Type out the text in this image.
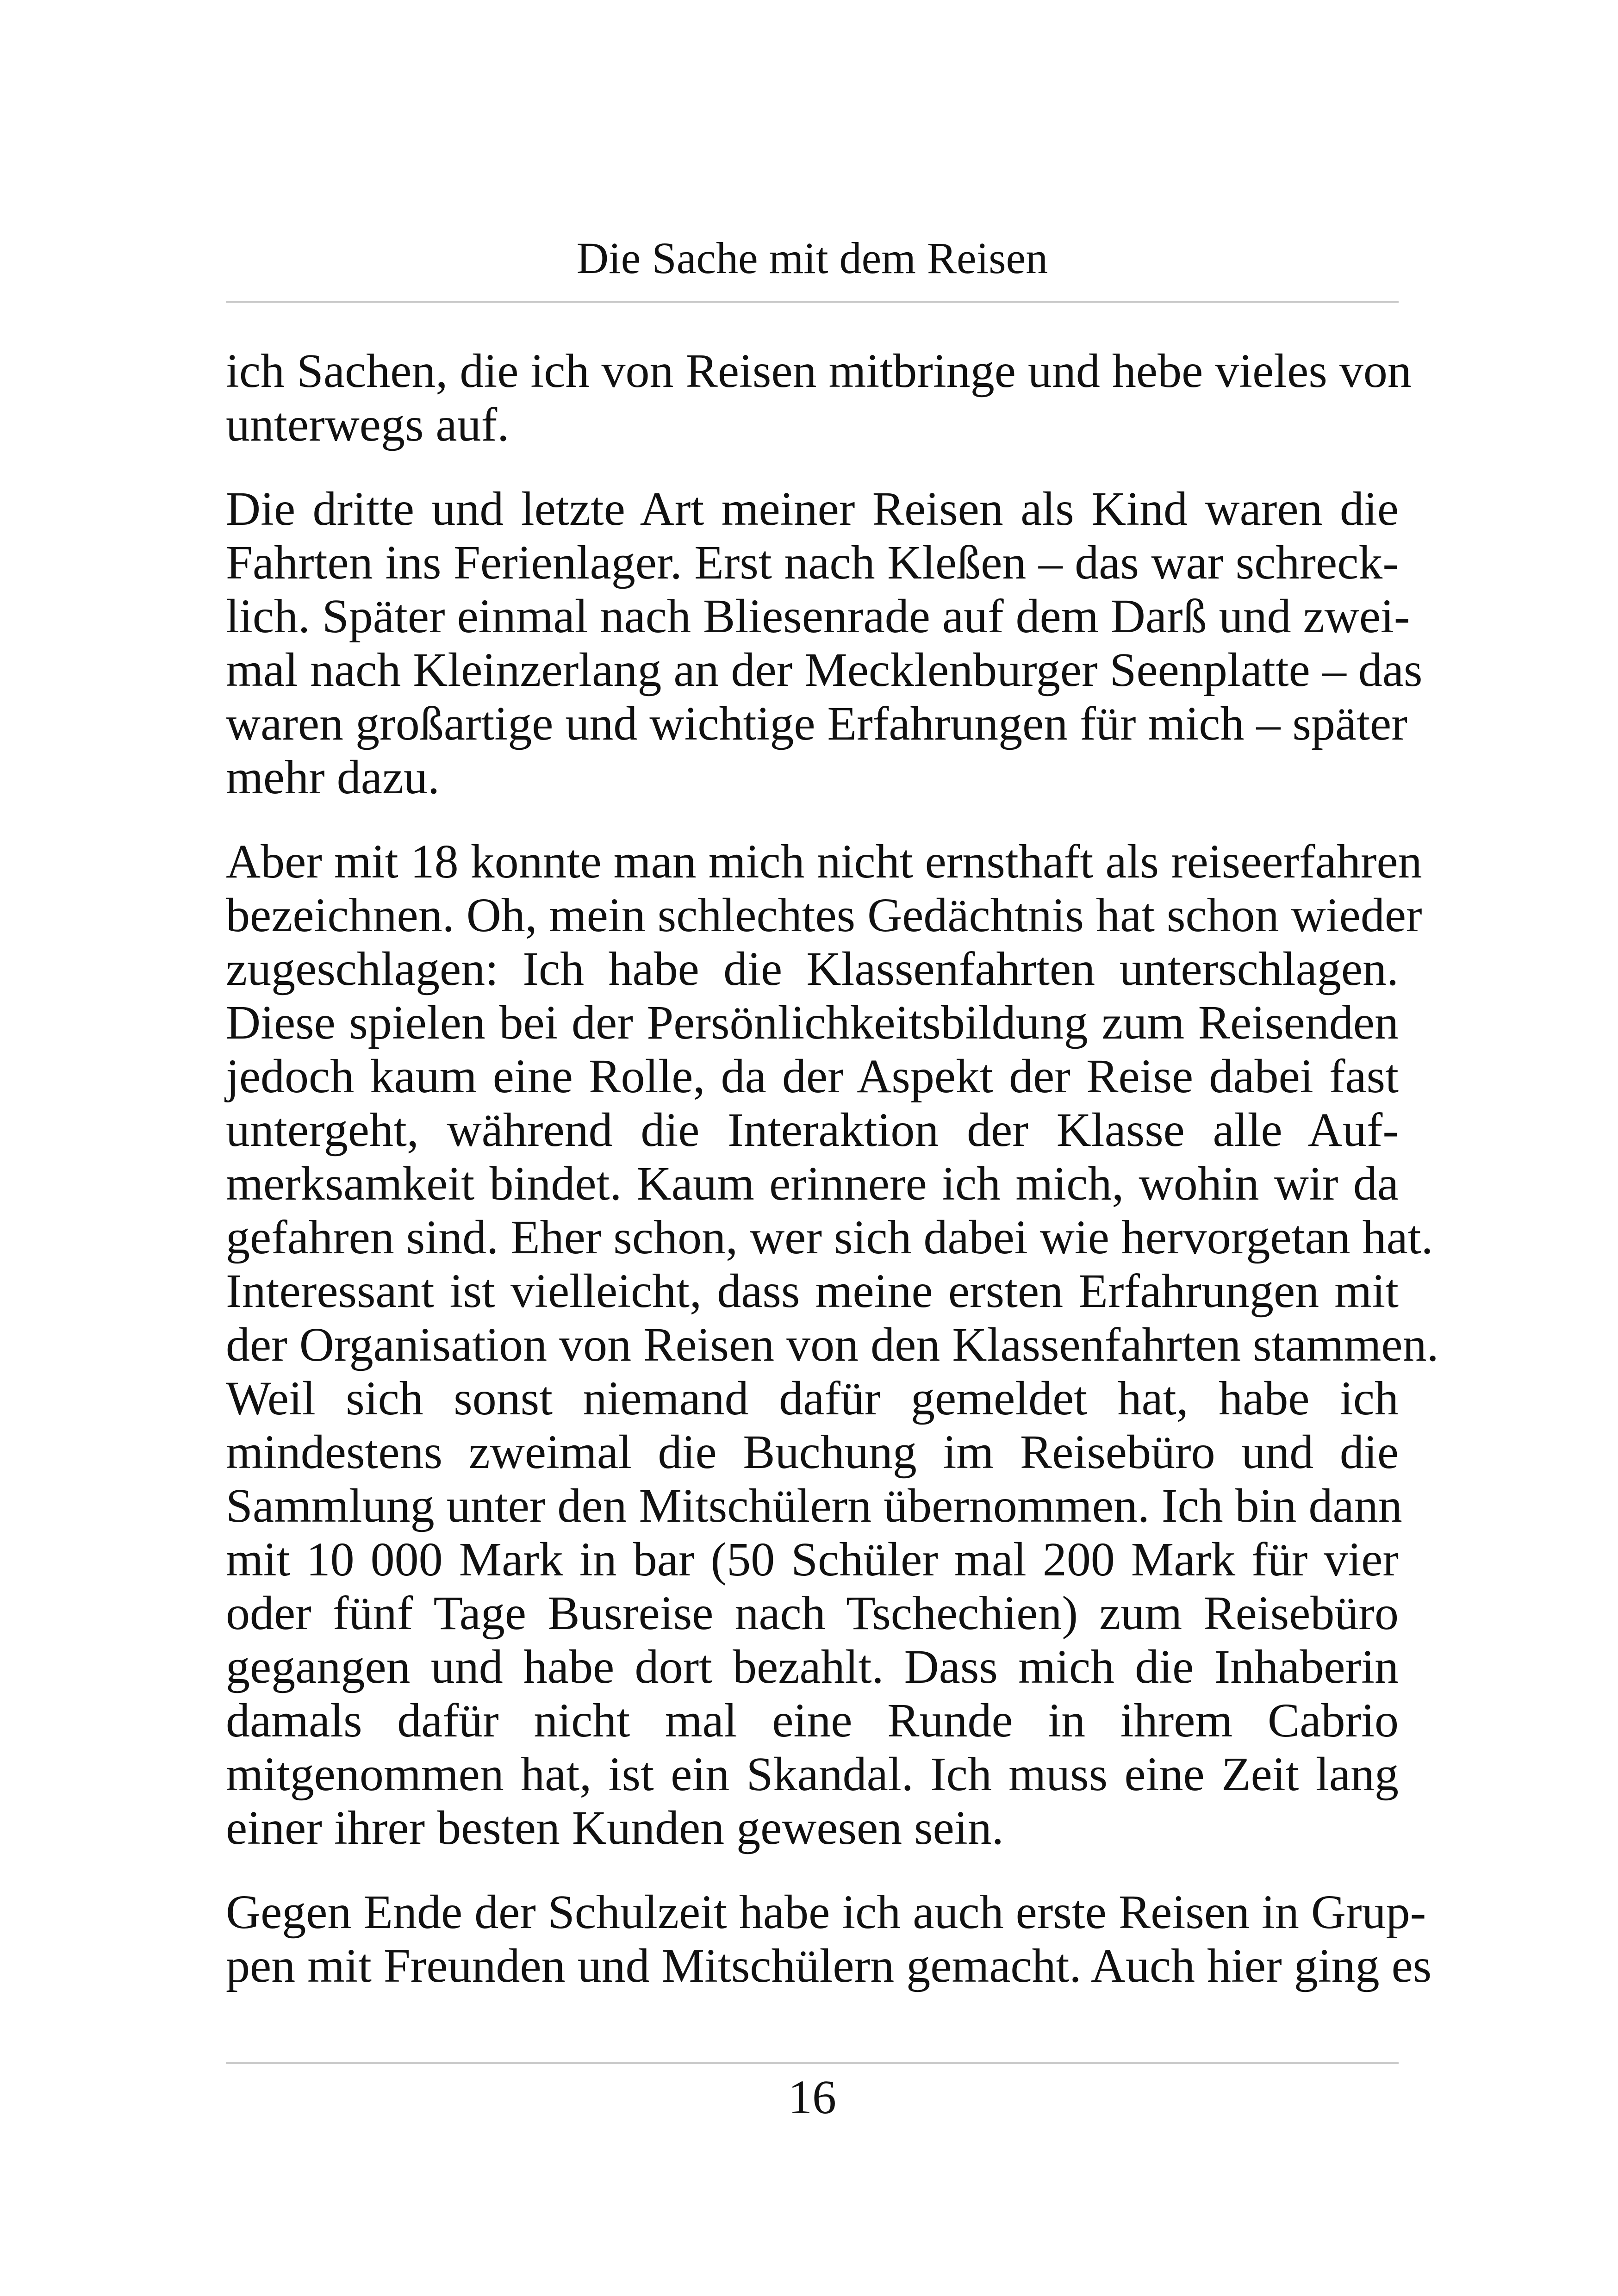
Die Sache mit dem Reisen
ich Sachen, die ich von Reisen mitbringe und hebe vieles von
unterwegs auf.
Die dritte und letzte Art meiner Reisen als Kind waren die
Fahrten ins Ferienlager. Erst nach Kleßen – das war schreck-
lich. Später einmal nach Bliesenrade auf dem Darß und zwei-
mal nach Kleinzerlang an der Mecklenburger Seenplatte – das
waren großartige und wichtige Erfahrungen für mich – später
mehr dazu.
Aber mit 18 konnte man mich nicht ernsthaft als reiseerfahren
bezeichnen. Oh, mein schlechtes Gedächtnis hat schon wieder
zugeschlagen: Ich habe die Klassenfahrten unterschlagen.
Diese spielen bei der Persönlichkeitsbildung zum Reisenden
jedoch kaum eine Rolle, da der Aspekt der Reise dabei fast
untergeht, während die Interaktion der Klasse alle Auf-
merksamkeit bindet. Kaum erinnere ich mich, wohin wir da
gefahren sind. Eher schon, wer sich dabei wie hervorgetan hat.
Interessant ist vielleicht, dass meine ersten Erfahrungen mit
der Organisation von Reisen von den Klassenfahrten stammen.
Weil sich sonst niemand dafür gemeldet hat, habe ich
mindestens zweimal die Buchung im Reisebüro und die
Sammlung unter den Mitschülern übernommen. Ich bin dann
mit 10 000 Mark in bar (50 Schüler mal 200 Mark für vier
oder fünf Tage Busreise nach Tschechien) zum Reisebüro
gegangen und habe dort bezahlt. Dass mich die Inhaberin
damals dafür nicht mal eine Runde in ihrem Cabrio
mitgenommen hat, ist ein Skandal. Ich muss eine Zeit lang
einer ihrer besten Kunden gewesen sein.
Gegen Ende der Schulzeit habe ich auch erste Reisen in Grup-
pen mit Freunden und Mitschülern gemacht. Auch hier ging es
16
